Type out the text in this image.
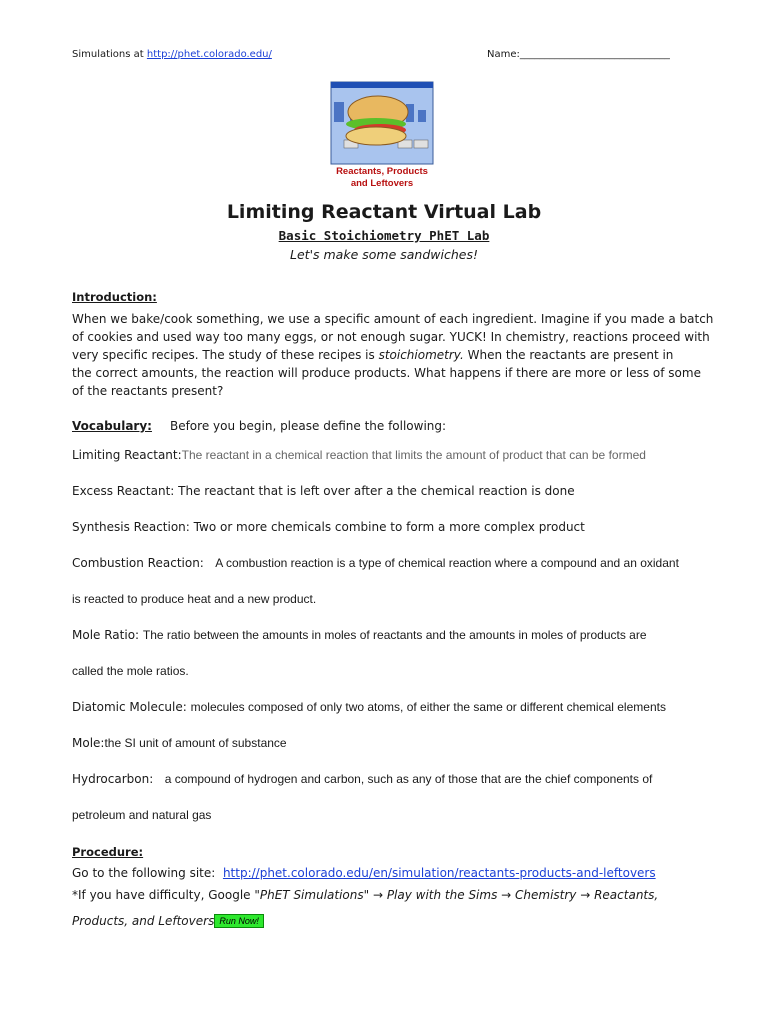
Simulations at http://phet.colorado.edu/	Name:______________________________
Reactants, Products
and Leftovers
Limiting Reactant Virtual Lab
Basic Stoichiometry PhET Lab
Let's make some sandwiches!
Introduction:
When we bake/cook something, we use a specific amount of each ingredient. Imagine if you made a batch
of cookies and used way too many eggs, or not enough sugar. YUCK! In chemistry, reactions proceed with
very specific recipes. The study of these recipes is stoichiometry. When the reactants are present in
the correct amounts, the reaction will produce products. What happens if there are more or less of some
of the reactants present?
Vocabulary: Before you begin, please define the following:
Limiting Reactant:The reactant in a chemical reaction that limits the amount of product that can be formed
Excess Reactant: The reactant that is left over after a the chemical reaction is done
Synthesis Reaction: Two or more chemicals combine to form a more complex product
Combustion Reaction:   A combustion reaction is a type of chemical reaction where a compound and an oxidant
is reacted to produce heat and a new product.
Mole Ratio: The ratio between the amounts in moles of reactants and the amounts in moles of products are
called the mole ratios.
Diatomic Molecule: molecules composed of only two atoms, of either the same or different chemical elements
Mole:the SI unit of amount of substance
Hydrocarbon:   a compound of hydrogen and carbon, such as any of those that are the chief components of
petroleum and natural gas
Procedure:
Go to the following site:  http://phet.colorado.edu/en/simulation/reactants-products-and-leftovers
*If you have difficulty, Google "PhET Simulations" → Play with the Sims → Chemistry → Reactants,
Products, and Leftovers Run Now!
